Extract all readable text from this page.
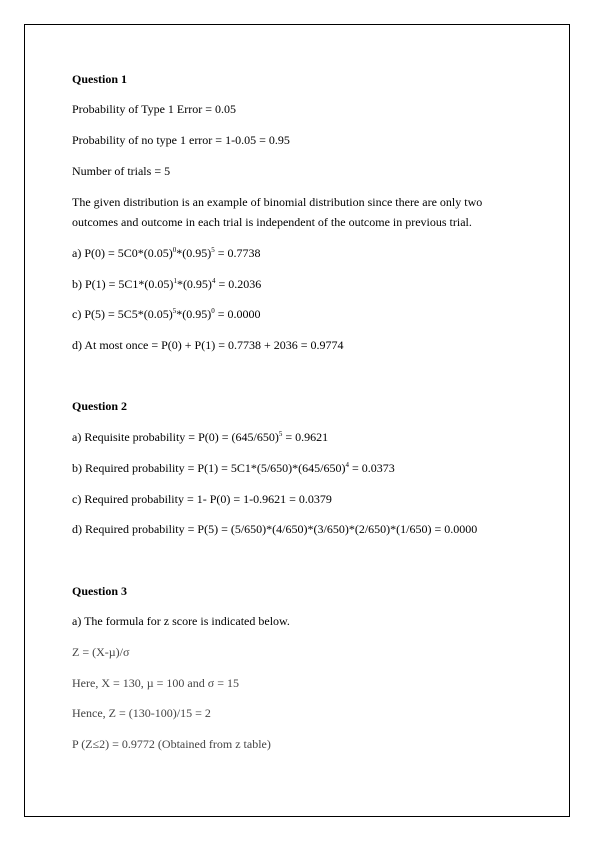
Question 1
Probability of Type 1 Error = 0.05
Probability of no type 1 error = 1-0.05 = 0.95
Number of trials = 5
The given distribution is an example of binomial distribution since there are only two
outcomes and outcome in each trial is independent of the outcome in previous trial.
a) $P(0) = 5C0*(0.05)^0*(0.95)^5 = 0.7738$
b) $P(1) = 5C1*(0.05)^1*(0.95)^4 = 0.2036$
c) $P(5) = 5C5*(0.05)^5*(0.95)^0 = 0.0000$
d) At most once = P(0) + P(1) = 0.7738 + 2036 = 0.9774
Question 2
a) Requisite probability = $P(0) = (645/650)^5 = 0.9621$
b) Required probability = $P(1) = 5C1*(5/650)*(645/650)^4 = 0.0373$
c) Required probability = 1- P(0) = 1-0.9621 = 0.0379
d) Required probability = P(5) = (5/650)*(4/650)*(3/650)*(2/650)*(1/650) = 0.0000
Question 3
a) The formula for z score is indicated below.
Z = (X-µ)/σ
Here, X = 130, µ = 100 and σ = 15
Hence, Z = (130-100)/15 = 2
P (Z≤2) = 0.9772 (Obtained from z table)
